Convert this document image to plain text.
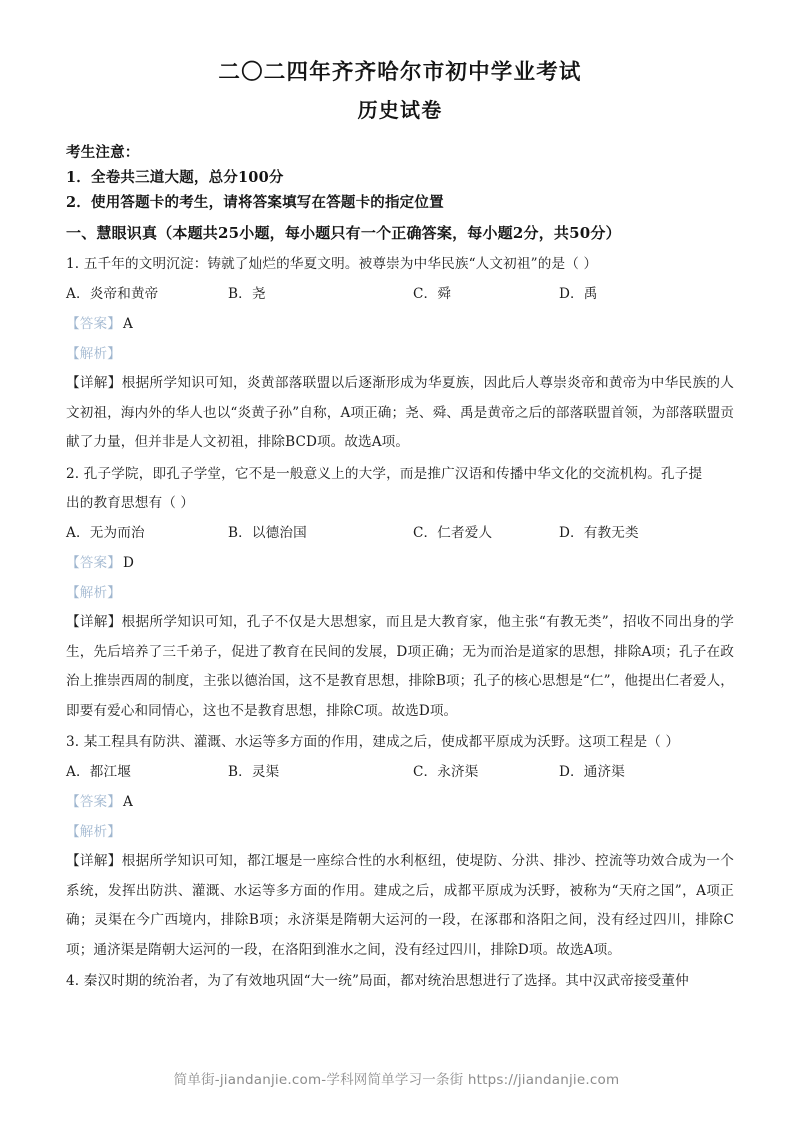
二〇二四年齐齐哈尔市初中学业考试
历史试卷
考生注意：
1．全卷共三道大题，总分100分
2．使用答题卡的考生，请将答案填写在答题卡的指定位置
一、慧眼识真（本题共25小题，每小题只有一个正确答案，每小题2分，共50分）
1. 五千年的文明沉淀：铸就了灿烂的华夏文明。被尊崇为中华民族“人文初祖”的是（ ）
A．炎帝和黄帝	B．尧	C．舜	D．禹
【答案】 A
【解析】
【详解】根据所学知识可知，炎黄部落联盟以后逐渐形成为华夏族，因此后人尊崇炎帝和黄帝为中华民族的人文初祖，海内外的华人也以“炎黄子孙”自称，A项正确；尧、舜、禹是黄帝之后的部落联盟首领，为部落联盟贡献了力量，但并非是人文初祖，排除BCD项。故选A项。
2. 孔子学院，即孔子学堂，它不是一般意义上的大学，而是推广汉语和传播中华文化的交流机构。孔子提
出的教育思想有（ ）
A．无为而治	B．以德治国	C．仁者爱人	D．有教无类
【答案】 D
【解析】
【详解】根据所学知识可知，孔子不仅是大思想家，而且是大教育家，他主张“有教无类”，招收不同出身的学生，先后培养了三千弟子，促进了教育在民间的发展，D项正确；无为而治是道家的思想，排除A项；孔子在政治上推崇西周的制度，主张以德治国，这不是教育思想，排除B项；孔子的核心思想是“仁”，他提出仁者爱人，即要有爱心和同情心，这也不是教育思想，排除C项。故选D项。
3. 某工程具有防洪、灌溉、水运等多方面的作用，建成之后，使成都平原成为沃野。这项工程是（ ）
A．都江堰	B．灵渠	C．永济渠	D．通济渠
【答案】 A
【解析】
【详解】根据所学知识可知，都江堰是一座综合性的水利枢纽，使堤防、分洪、排沙、控流等功效合成为一个系统，发挥出防洪、灌溉、水运等多方面的作用。建成之后，成都平原成为沃野，被称为“天府之国”，A项正确；灵渠在今广西境内，排除B项；永济渠是隋朝大运河的一段，在涿郡和洛阳之间，没有经过四川，排除C项；通济渠是隋朝大运河的一段，在洛阳到淮水之间，没有经过四川，排除D项。故选A项。
4. 秦汉时期的统治者，为了有效地巩固“大一统”局面，都对统治思想进行了选择。其中汉武帝接受董仲
简单街-jiandanjie.com-学科网简单学习一条街 https://jiandanjie.com
